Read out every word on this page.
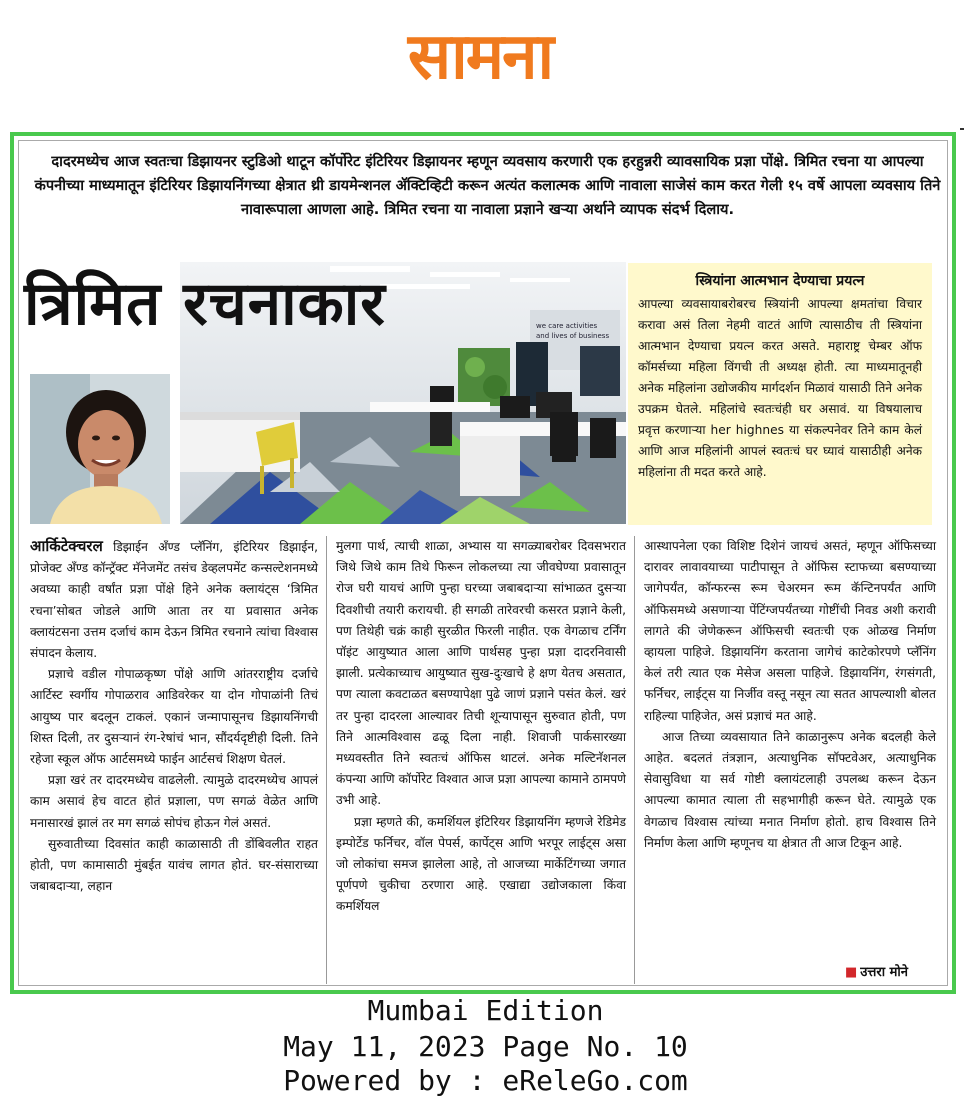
सामना
दादरमध्येच आज स्वतःचा डिझायनर स्टुडिओ थाटून कॉर्पोरेट इंटिरियर डिझायनर म्हणून व्यवसाय करणारी एक हरहुन्नरी व्यावसायिक प्रज्ञा पोंक्षे. त्रिमित रचना या आपल्या कंपनीच्या माध्यमातून इंटिरियर डिझायनिंगच्या क्षेत्रात थ्री डायमेन्शनल ॲक्टिव्हिटी करून अत्यंत कलात्मक आणि नावाला साजेसं काम करत गेली १५ वर्षे आपला व्यवसाय तिने नावारूपाला आणला आहे. त्रिमित रचना या नावाला प्रज्ञाने खऱ्या अर्थाने व्यापक संदर्भ दिलाय.
we care activities
and lives of business
त्रिमित रचनाकार	स्त्रियांना आत्मभान देण्याचा प्रयत्न
आपल्या व्यवसायाबरोबरच स्त्रियांनी आपल्या क्षमतांचा विचार करावा असं तिला नेहमी वाटतं आणि त्यासाठीच ती स्त्रियांना आत्मभान देण्याचा प्रयत्न करत असते. महाराष्ट्र चेम्बर ऑफ कॉमर्सच्या महिला विंगची ती अध्यक्ष होती. त्या माध्यमातूनही अनेक महिलांना उद्योजकीय मार्गदर्शन मिळावं यासाठी तिने अनेक उपक्रम घेतले. महिलांचे स्वतःचंही घर असावं. या विषयालाच प्रवृत्त करणाऱ्या her highnes या संकल्पनेवर तिने काम केलं आणि आज महिलांनी आपलं स्वतःचं घर घ्यावं यासाठीही अनेक महिलांना ती मदत करते आहे.

आर्किटेक्चरल डिझाईन अँण्ड प्लॅनिंग, इंटिरियर डिझाईन, प्रोजेक्ट अँण्ड कॉन्ट्रॅक्ट मॅनेजमेंट तसंच डेव्हलपमेंट कन्सल्टेशनमध्ये अवघ्या काही वर्षांत प्रज्ञा पोंक्षे हिने अनेक क्लायंट्स ‘त्रिमित रचना’सोबत जोडले आणि आता तर या प्रवासात अनेक क्लायंटसना उत्तम दर्जाचं काम देऊन त्रिमित रचनाने त्यांचा विश्वास संपादन केलाय.

प्रज्ञाचे वडील गोपाळकृष्ण पोंक्षे आणि आंतरराष्ट्रीय दर्जाचे आर्टिस्ट स्वर्गीय गोपाळराव आडिवरेकर या दोन गोपाळांनी तिचं आयुष्य पार बदलून टाकलं. एकानं जन्मापासूनच डिझायनिंगची शिस्त दिली, तर दुसऱ्यानं रंग-रेषांचं भान, सौंदर्यदृष्टीही दिली. तिने रहेजा स्कूल ऑफ आर्टसमध्ये फाईन आर्टसचं शिक्षण घेतलं.

प्रज्ञा खरं तर दादरमध्येच वाढलेली. त्यामुळे दादरमध्येच आपलं काम असावं हेच वाटत होतं प्रज्ञाला, पण सगळं वेळेत आणि मनासारखं झालं तर मग सगळं सोपंच होऊन गेलं असतं.

सुरुवातीच्या दिवसांत काही काळासाठी ती डोंबिवलीत राहत होती, पण कामासाठी मुंबईत यावंच लागत होतं. घर-संसाराच्या जबाबदाऱ्या, लहान

मुलगा पार्थ, त्याची शाळा, अभ्यास या सगळ्याबरोबर दिवसभरात जिथे जिथे काम तिथे फिरून लोकलच्या त्या जीवघेण्या प्रवासातून रोज घरी यायचं आणि पुन्हा घरच्या जबाबदाऱ्या सांभाळत दुसऱ्या दिवशीची तयारी करायची. ही सगळी तारेवरची कसरत प्रज्ञाने केली, पण तिथेही चक्रं काही सुरळीत फिरली नाहीत. एक वेगळाच टर्निंग पॉइंट आयुष्यात आला आणि पार्थसह पुन्हा प्रज्ञा दादरनिवासी झाली. प्रत्येकाच्याच आयुष्यात सुख-दुःखाचे हे क्षण येतच असतात, पण त्याला कवटाळत बसण्यापेक्षा पुढे जाणं प्रज्ञाने पसंत केलं. खरं तर पुन्हा दादरला आल्यावर तिची शून्यापासून सुरुवात होती, पण तिने आत्मविश्वास ढळू दिला नाही. शिवाजी पार्कसारख्या मध्यवस्तीत तिने स्वतःचं ऑफिस थाटलं. अनेक मल्टिनॅशनल कंपन्या आणि कॉर्पोरेट विश्वात आज प्रज्ञा आपल्या कामाने ठामपणे उभी आहे.

प्रज्ञा म्हणते की, कमर्शियल इंटिरियर डिझायनिंग म्हणजे रेडिमेड इम्पोर्टेड फर्निचर, वॉल पेपर्स, कार्पेट्स आणि भरपूर लाईट्स असा जो लोकांचा समज झालेला आहे, तो आजच्या मार्केटिंगच्या जगात पूर्णपणे चुकीचा ठरणारा आहे. एखाद्या उद्योजकाला किंवा कमर्शियल

आस्थापनेला एका विशिष्ट दिशेनं जायचं असतं, म्हणून ऑफिसच्या दारावर लावावयाच्या पाटीपासून ते ऑफिस स्टाफच्या बसण्याच्या जागेपर्यंत, कॉन्फरन्स रूम चेअरमन रूम कॅन्टिनपर्यंत आणि ऑफिसमध्ये असणाऱ्या पेंटिंग्जपर्यंतच्या गोष्टींची निवड अशी करावी लागते की जेणेकरून ऑफिसची स्वतःची एक ओळख निर्माण व्हायला पाहिजे. डिझायनिंग करताना जागेचं काटेकोरपणे प्लॅनिंग केलं तरी त्यात एक मेसेज असला पाहिजे. डिझायनिंग, रंगसंगती, फर्निचर, लाईट्स या निर्जीव वस्तू नसून त्या सतत आपल्याशी बोलत राहिल्या पाहिजेत, असं प्रज्ञाचं मत आहे.

आज तिच्या व्यवसायात तिने काळानुरूप अनेक बदलही केले आहेत. बदलतं तंत्रज्ञान, अत्याधुनिक सॉफ्टवेअर, अत्याधुनिक सेवासुविधा या सर्व गोष्टी क्लायंटलाही उपलब्ध करून देऊन आपल्या कामात त्याला ती सहभागीही करून घेते. त्यामुळे एक वेगळाच विश्वास त्यांच्या मनात निर्माण होतो. हाच विश्वास तिने निर्माण केला आणि म्हणूनच या क्षेत्रात ती आज टिकून आहे.

■ उत्तरा मोने
Mumbai Edition
May 11, 2023 Page No. 10
Powered by : eReleGo.com
